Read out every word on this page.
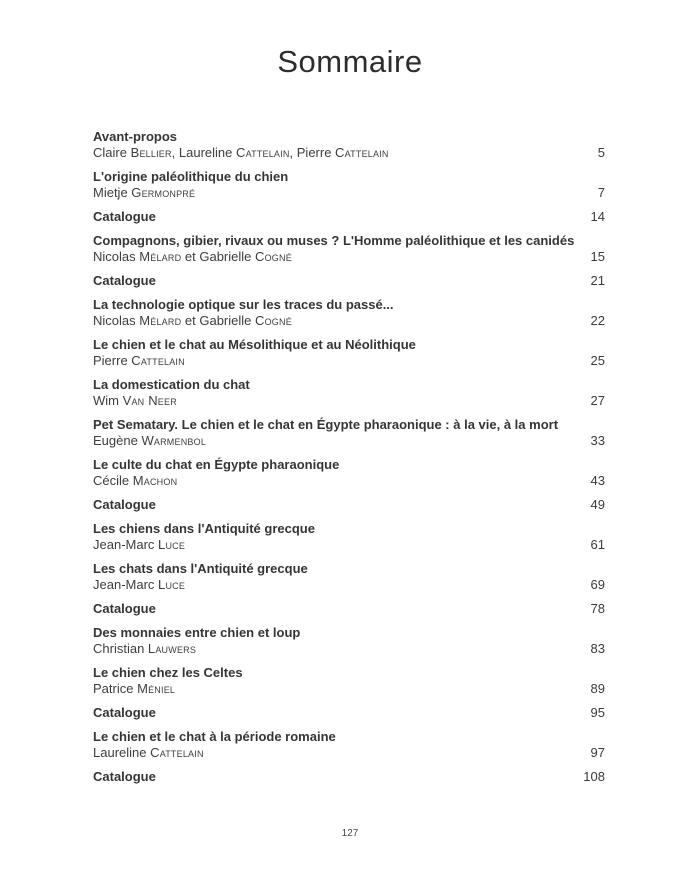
Sommaire
Avant-propos
Claire Bellier, Laureline Cattelain, Pierre Cattelain	5
L'origine paléolithique du chien
Mietje Germonpré	7
Catalogue	14
Compagnons, gibier, rivaux ou muses ? L'Homme paléolithique et les canidés
Nicolas Mélard et Gabrielle Cogné	15
Catalogue	21
La technologie optique sur les traces du passé...
Nicolas Mélard et Gabrielle Cogné	22
Le chien et le chat au Mésolithique et au Néolithique
Pierre Cattelain	25
La domestication du chat
Wim Van Neer	27
Pet Sematary. Le chien et le chat en Égypte pharaonique : à la vie, à la mort
Eugène Warmenbol	33
Le culte du chat en Égypte pharaonique
Cécile Machon	43
Catalogue	49
Les chiens dans l'Antiquité grecque
Jean-Marc Luce	61
Les chats dans l'Antiquité grecque
Jean-Marc Luce	69
Catalogue	78
Des monnaies entre chien et loup
Christian Lauwers	83
Le chien chez les Celtes
Patrice Méniel	89
Catalogue	95
Le chien et le chat à la période romaine
Laureline Cattelain	97
Catalogue	108
127
